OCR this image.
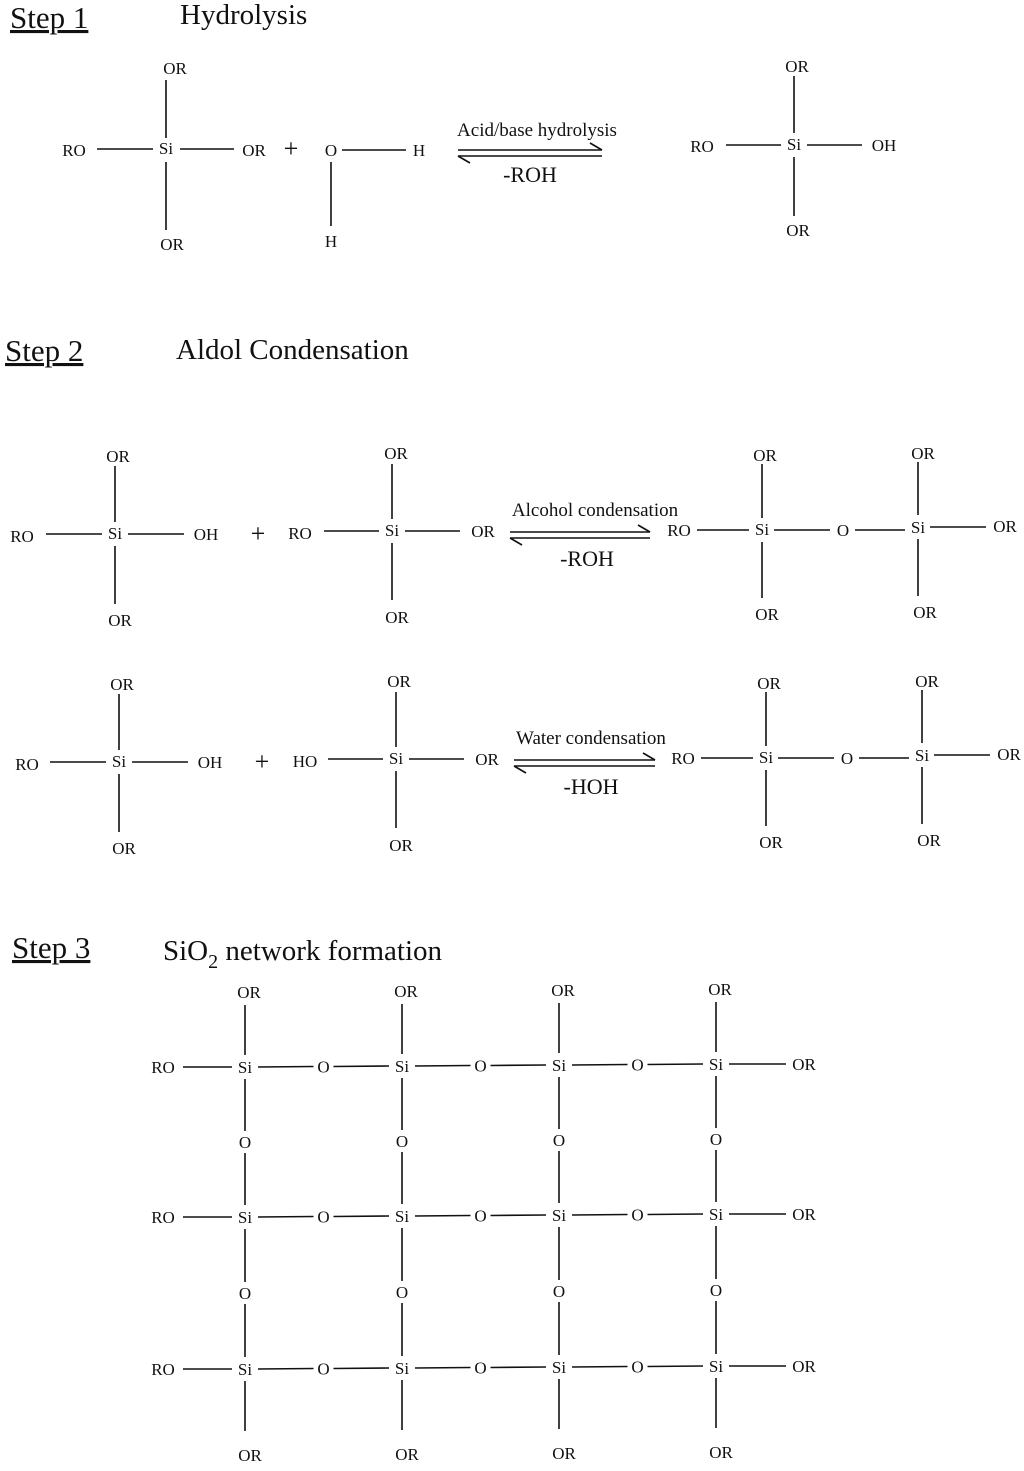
Step 1	Hydrolysis
Si
OR
RO	OR
OR
+ O	H
H
Acid/base hydrolysis
-ROH
Si
OR
RO	OH
OR
Step 2	Aldol Condensation
Si
OR
RO	OH
OR
+	Si
OR
RO	OR
OR
Alcohol condensation
-ROH
Si	Si
O
RO	OR
OR	OR
OR	OR
Si
OR
RO	OH
OR
+	Si
OR
HO	OR
OR
Water condensation
-HOH
Si	Si
O
RO	OR
OR	OR
OR	OR
Step 3	SiO$_2$ network formation
Si	O
O
Si	O
O
Si	O
O
Si
O
RO	OR
Si	O
O
Si	O
O
Si	O
O
Si
O
RO	OR
Si	O	Si	O	Si	O	Si
RO	OR
OR
OR
OR
OR
OR
OR
OR
OR
